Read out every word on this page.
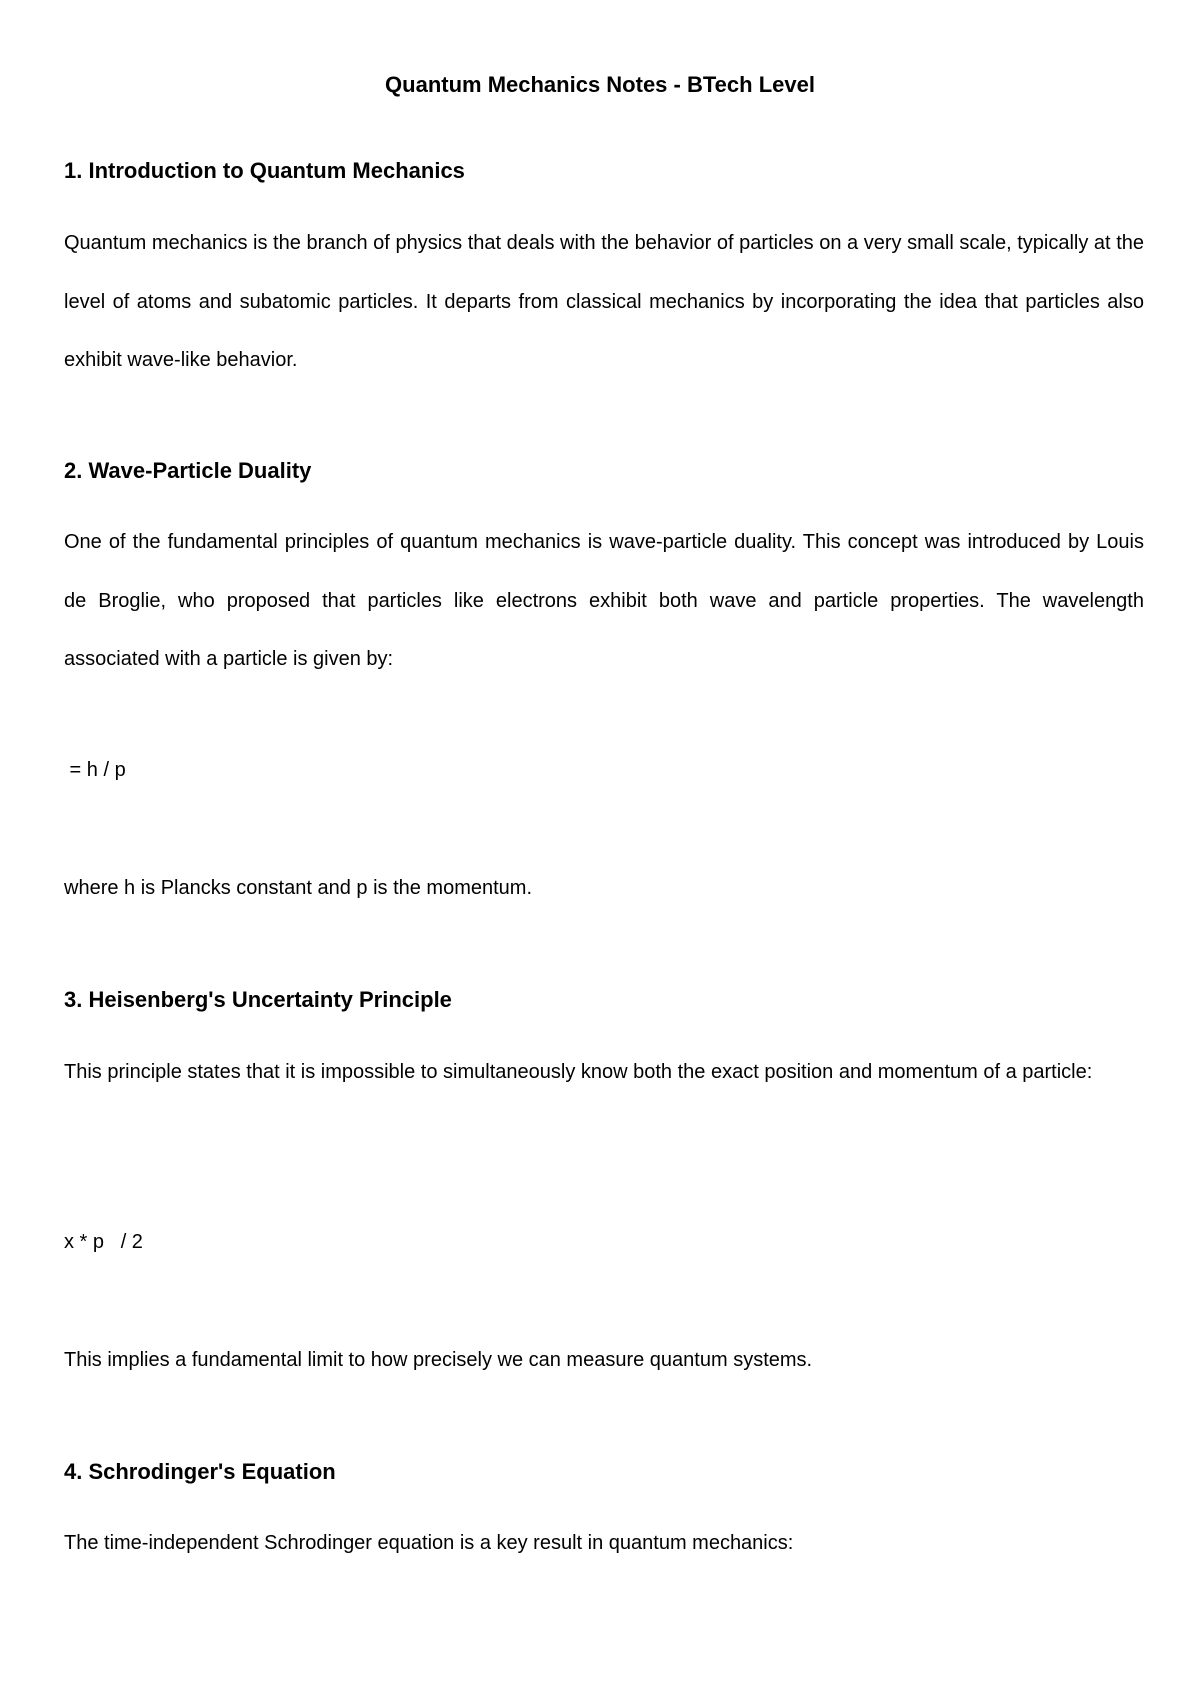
Quantum Mechanics Notes - BTech Level
1. Introduction to Quantum Mechanics

Quantum mechanics is the branch of physics that deals with the behavior of particles on a very small scale, typically at the level of atoms and subatomic particles. It departs from classical mechanics by incorporating the idea that particles also exhibit wave-like behavior.

2. Wave-Particle Duality

One of the fundamental principles of quantum mechanics is wave-particle duality. This concept was introduced by Louis de Broglie, who proposed that particles like electrons exhibit both wave and particle properties. The wavelength associated with a particle is given by:

= h / p
where h is Plancks constant and p is the momentum.
3. Heisenberg's Uncertainty Principle

This principle states that it is impossible to simultaneously know both the exact position and momentum of a particle:

x * p   / 2
This implies a fundamental limit to how precisely we can measure quantum systems.
4. Schrodinger's Equation

The time-independent Schrodinger equation is a key result in quantum mechanics:
